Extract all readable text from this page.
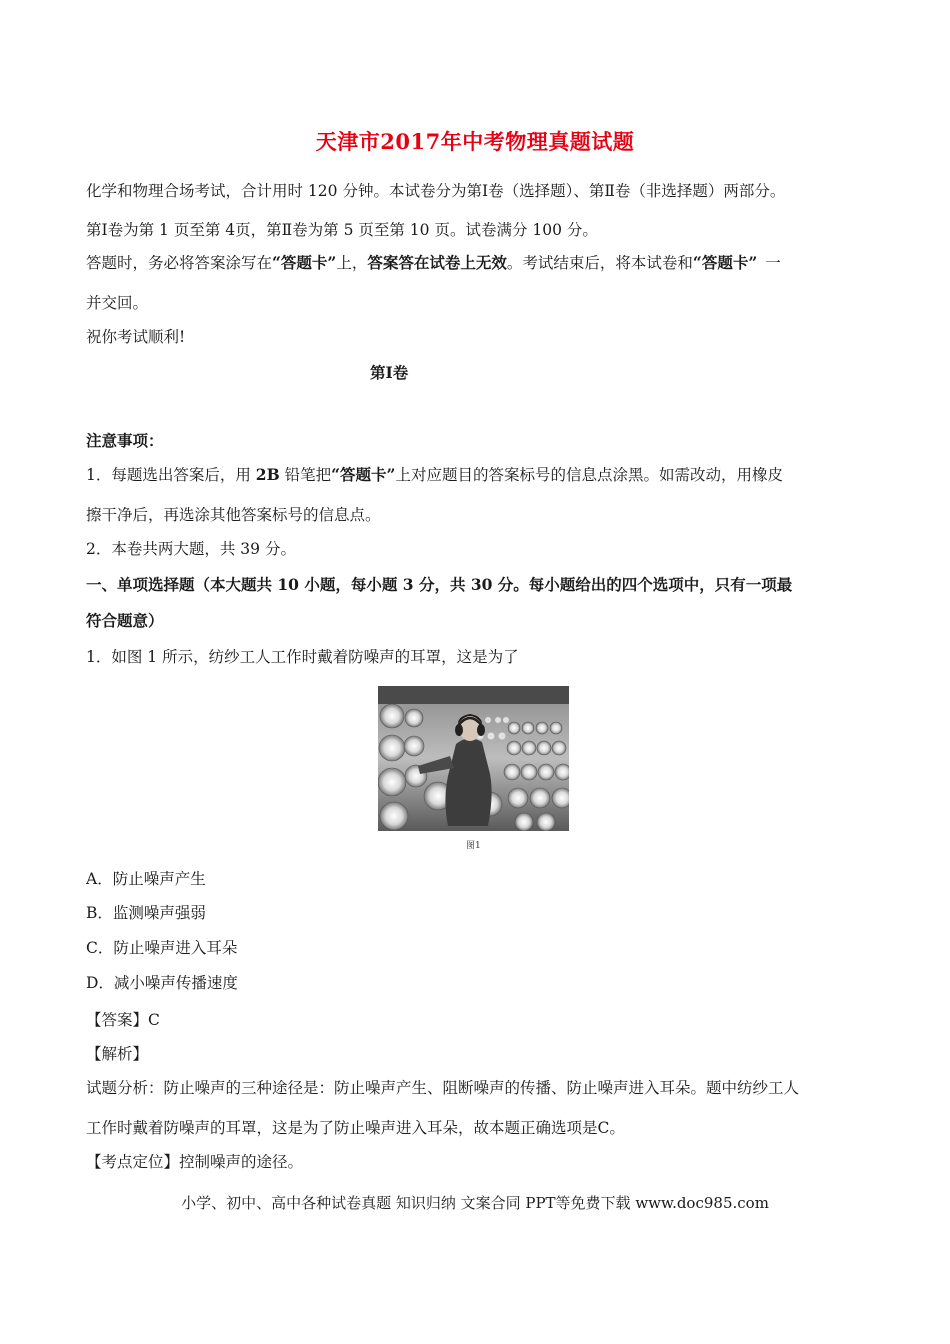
天津市2017年中考物理真题试题
化学和物理合场考试，合计用时 120 分钟。本试卷分为第Ⅰ卷（选择题）、第Ⅱ卷（非选择题）两部分。
第Ⅰ卷为第 1 页至第 4页，第Ⅱ卷为第 5 页至第 10 页。试卷满分 100 分。
答题时，务必将答案涂写在“答题卡”上，答案答在试卷上无效。考试结束后，将本试卷和“答题卡” 一
并交回。
祝你考试顺利!
第Ⅰ卷
注意事项：
1．每题选出答案后，用 2B 铅笔把“答题卡”上对应题目的答案标号的信息点涂黑。如需改动，用橡皮
擦干净后，再选涂其他答案标号的信息点。
2．本卷共两大题，共 39 分。
一、单项选择题（本大题共 10 小题，每小题 3 分，共 30 分。每小题给出的四个选项中，只有一项最
符合题意）
1．如图 1 所示，纺纱工人工作时戴着防噪声的耳罩，这是为了
图1
A．防止噪声产生
B．监测噪声强弱
C．防止噪声进入耳朵
D．减小噪声传播速度
【答案】C
【解析】
试题分析：防止噪声的三种途径是：防止噪声产生、阻断噪声的传播、防止噪声进入耳朵。题中纺纱工人
工作时戴着防噪声的耳罩，这是为了防止噪声进入耳朵，故本题正确选项是C。
【考点定位】控制噪声的途径。
小学、初中、高中各种试卷真题 知识归纳 文案合同 PPT等免费下载 www.doc985.com
